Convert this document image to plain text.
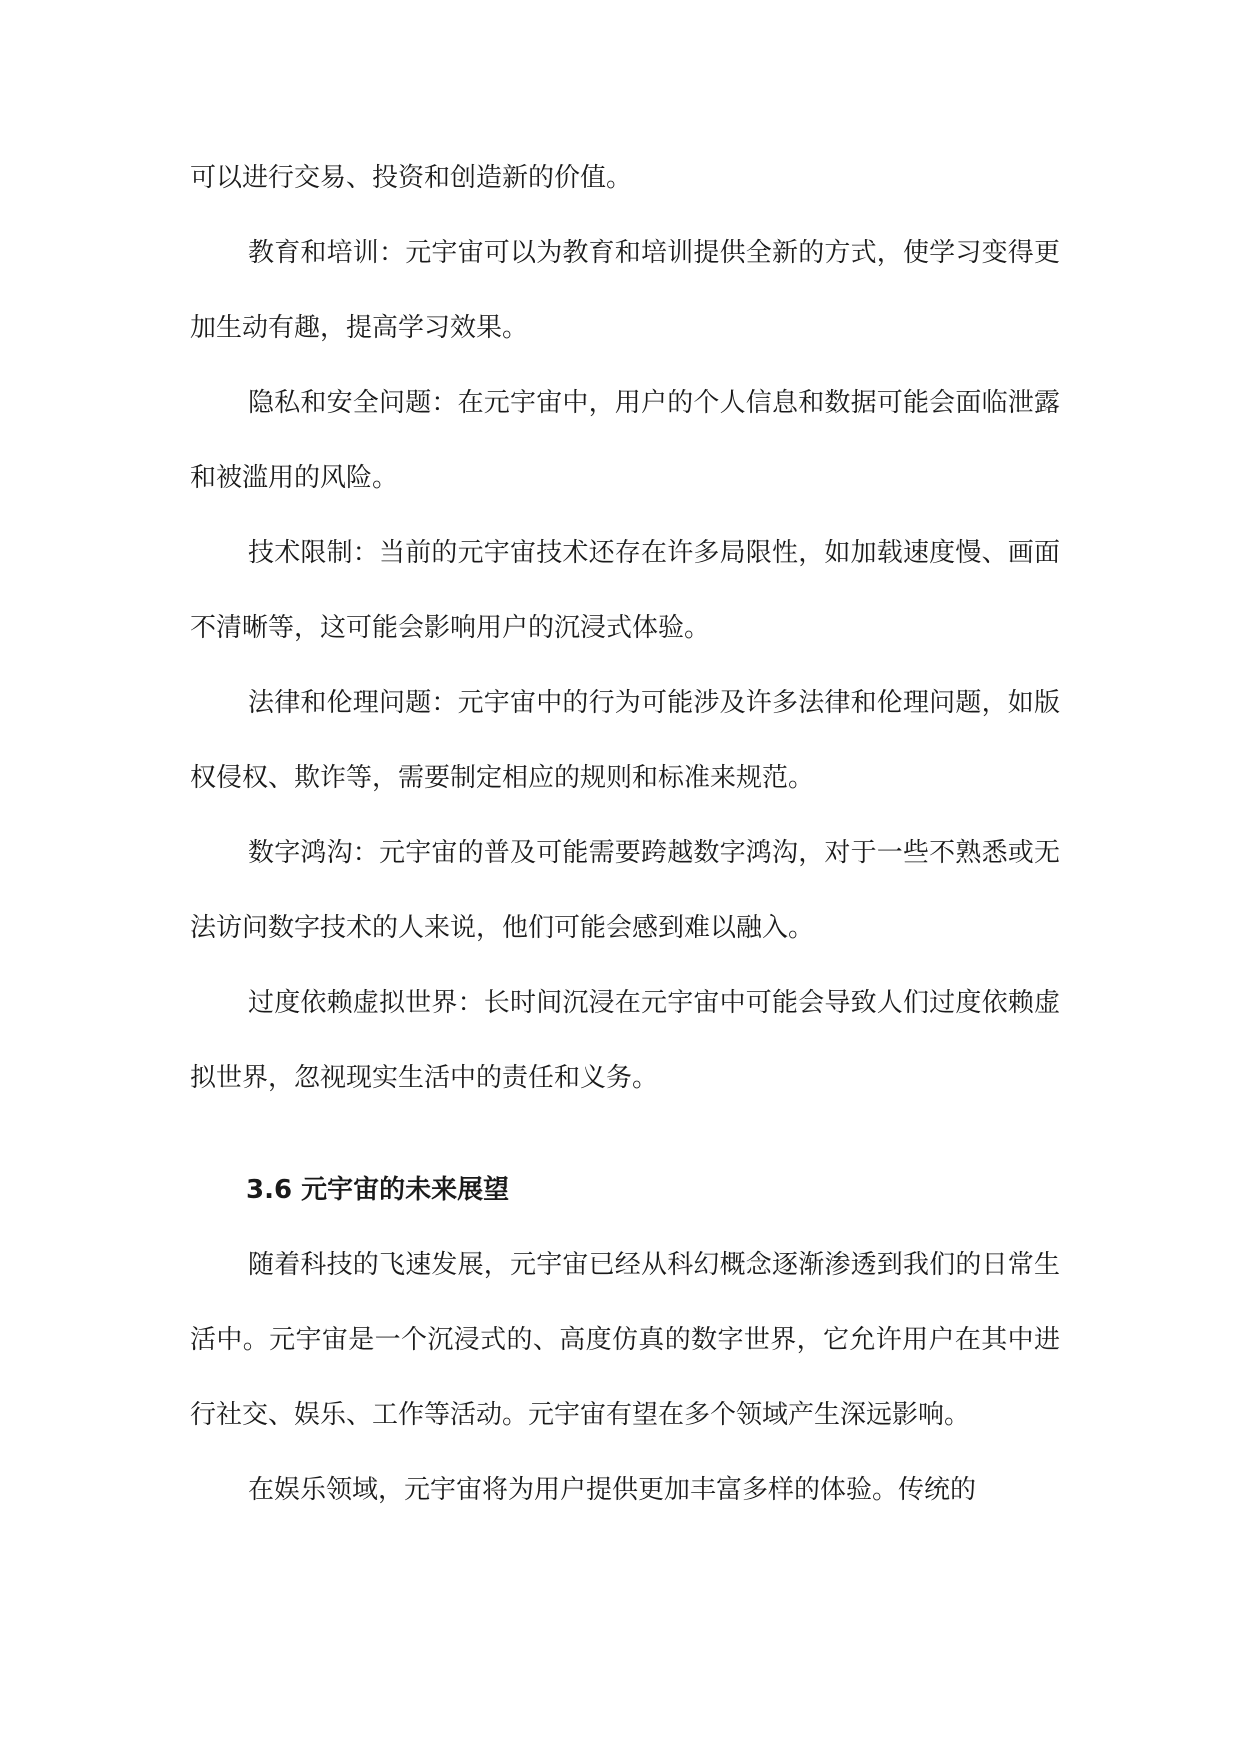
可以进行交易、投资和创造新的价值。

教育和培训：元宇宙可以为教育和培训提供全新的方式，使学习变得更加生动有趣，提高学习效果。

隐私和安全问题：在元宇宙中，用户的个人信息和数据可能会面临泄露和被滥用的风险。

技术限制：当前的元宇宙技术还存在许多局限性，如加载速度慢、画面不清晰等，这可能会影响用户的沉浸式体验。

法律和伦理问题：元宇宙中的行为可能涉及许多法律和伦理问题，如版权侵权、欺诈等，需要制定相应的规则和标准来规范。

数字鸿沟：元宇宙的普及可能需要跨越数字鸿沟，对于一些不熟悉或无法访问数字技术的人来说，他们可能会感到难以融入。

过度依赖虚拟世界：长时间沉浸在元宇宙中可能会导致人们过度依赖虚拟世界，忽视现实生活中的责任和义务。

3.6 元宇宙的未来展望

随着科技的飞速发展，元宇宙已经从科幻概念逐渐渗透到我们的日常生活中。元宇宙是一个沉浸式的、高度仿真的数字世界，它允许用户在其中进行社交、娱乐、工作等活动。元宇宙有望在多个领域产生深远影响。

在娱乐领域，元宇宙将为用户提供更加丰富多样的体验。传统的
